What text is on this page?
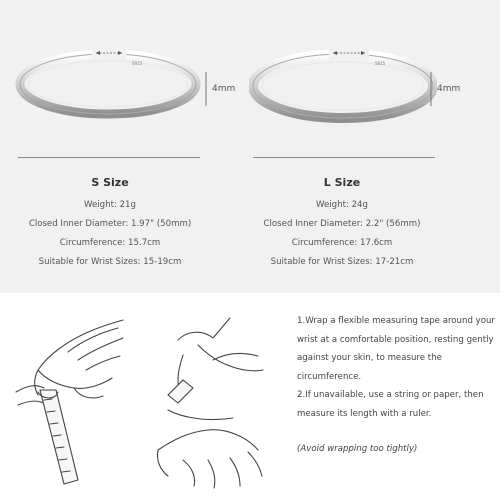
S925
4mm
S925
4mm
S Size

Weight: 21g

Closed Inner Diameter: 1.97" (50mm)

Circumference: 15.7cm

Suitable for Wrist Sizes: 15-19cm

L Size

Weight: 24g

Closed Inner Diameter: 2.2" (56mm)

Circumference: 17.6cm

Suitable for Wrist Sizes: 17-21cm

1.Wrap a flexible measuring tape around your wrist at a comfortable position, resting gently against your skin, to measure the circumference.

2.If unavailable, use a string or paper, then measure its length with a ruler.

(Avoid wrapping too tightly)
